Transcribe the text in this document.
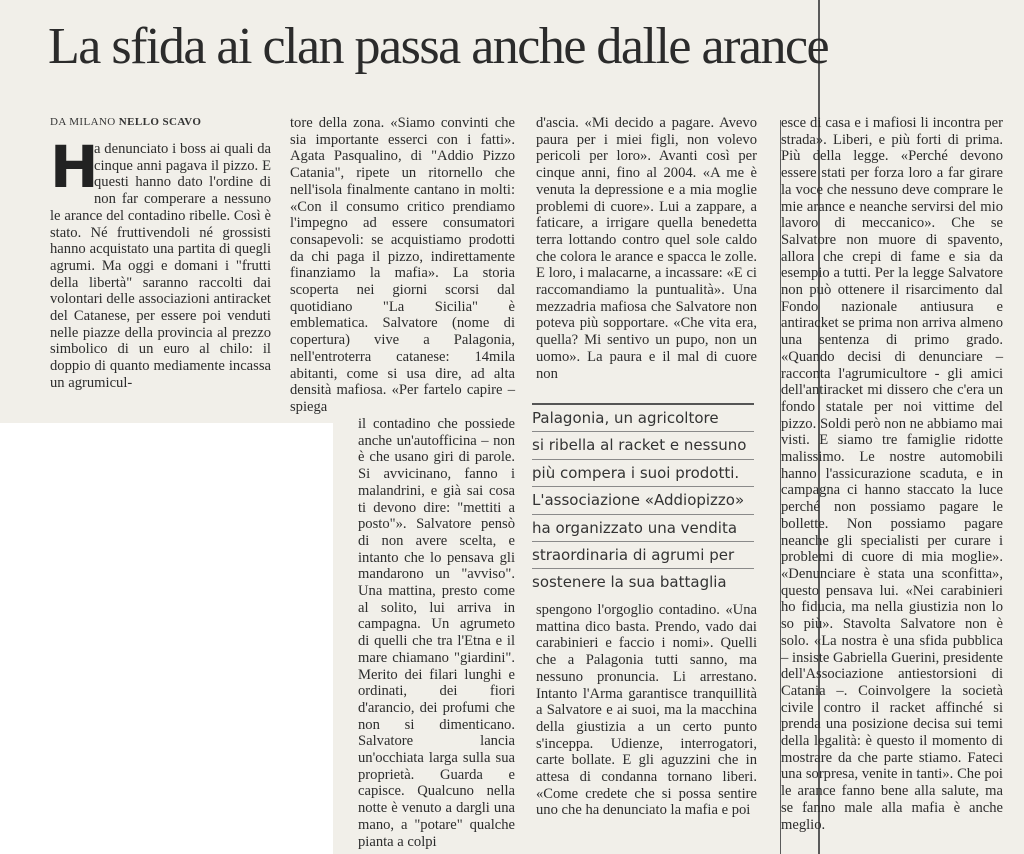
La sfida ai clan passa anche dalle arance
DA MILANO NELLO SCAVO

H
a denunciato i boss ai quali da cinque anni pagava il pizzo. E questi hanno dato l'ordine di non far comperare a nessuno le arance del contadino ribelle. Così è stato. Né fruttivendoli né grossisti hanno acquistato una partita di quegli agrumi. Ma oggi e domani i "frutti della libertà" saranno raccolti dai volontari delle associazioni antiracket del Catanese, per essere poi venduti nelle piazze della provincia al prezzo simbolico di un euro al chilo: il doppio di quanto mediamente incassa un agrumicul-

tore della zona. «Siamo convinti che sia importante esserci con i fatti». Agata Pasqualino, di "Addio Pizzo Catania", ripete un ritornello che nell'isola finalmente cantano in molti: «Con il consumo critico prendiamo l'impegno ad essere consumatori consapevoli: se acquistiamo prodotti da chi paga il pizzo, indirettamente finanziamo la mafia». La storia scoperta nei giorni scorsi dal quotidiano "La Sicilia" è emblematica. Salvatore (nome di copertura) vive a Palagonia, nell'entroterra catanese: 14mila abitanti, come si usa dire, ad alta densità mafiosa. «Per fartelo capire – spiega

il contadino che possiede anche un'autofficina – non è che usano giri di parole. Si avvicinano, fanno i malandrini, e già sai cosa ti devono dire: "mettiti a posto"». Salvatore pensò di non avere scelta, e intanto che lo pensava gli mandarono un "avviso". Una mattina, presto come al solito, lui arriva in campagna. Un agrumeto di quelli che tra l'Etna e il mare chiamano "giardini". Merito dei filari lunghi e ordinati, dei fiori d'arancio, dei profumi che non si dimenticano. Salvatore lancia un'occhiata larga sulla sua proprietà. Guarda e capisce. Qualcuno nella notte è venuto a dargli una mano, a "potare" qualche pianta a colpi

d'ascia. «Mi decido a pagare. Avevo paura per i miei figli, non volevo pericoli per loro». Avanti così per cinque anni, fino al 2004. «A me è venuta la depressione e a mia moglie problemi di cuore». Lui a zappare, a faticare, a irrigare quella benedetta terra lottando contro quel sole caldo che colora le arance e spacca le zolle. E loro, i malacarne, a incassare: «E ci raccomandiamo la puntualità». Una mezzadria mafiosa che Salvatore non poteva più sopportare. «Che vita era, quella? Mi sentivo un pupo, non un uomo». La paura e il mal di cuore non

Palagonia, un agricoltore
si ribella al racket e nessuno
più compera i suoi prodotti.
L'associazione «Addiopizzo»
ha organizzato una vendita
straordinaria di agrumi per
sostenere la sua battaglia

spengono l'orgoglio contadino. «Una mattina dico basta. Prendo, vado dai carabinieri e faccio i nomi». Quelli che a Palagonia tutti sanno, ma nessuno pronuncia. Li arrestano. Intanto l'Arma garantisce tranquillità a Salvatore e ai suoi, ma la macchina della giustizia a un certo punto s'inceppa. Udienze, interrogatori, carte bollate. E gli aguzzini che in attesa di condanna tornano liberi. «Come credete che si possa sentire uno che ha denunciato la mafia e poi

esce di casa e i mafiosi li incontra per strada». Liberi, e più forti di prima. Più della legge. «Perché devono essere stati per forza loro a far girare la voce che nessuno deve comprare le mie arance e neanche servirsi del mio lavoro di meccanico». Che se Salvatore non muore di spavento, allora che crepi di fame e sia da esempio a tutti. Per la legge Salvatore non può ottenere il risarcimento dal Fondo nazionale antiusura e antiracket se prima non arriva almeno una sentenza di primo grado. «Quando decisi di denunciare – racconta l'agrumicultore - gli amici dell'antiracket mi dissero che c'era un fondo statale per noi vittime del pizzo. Soldi però non ne abbiamo mai visti. E siamo tre famiglie ridotte malissimo. Le nostre automobili hanno l'assicurazione scaduta, e in campagna ci hanno staccato la luce perché non possiamo pagare le bollette. Non possiamo pagare neanche gli specialisti per curare i problemi di cuore di mia moglie». «Denunciare è stata una sconfitta», questo pensava lui. «Nei carabinieri ho fiducia, ma nella giustizia non lo so più». Stavolta Salvatore non è solo. «La nostra è una sfida pubblica – insiste Gabriella Guerini, presidente dell'Associazione antiestorsioni di Catania –. Coinvolgere la società civile contro il racket affinché si prenda una posizione decisa sui temi della legalità: è questo il momento di mostrare da che parte stiamo. Fateci una sorpresa, venite in tanti». Che poi le arance fanno bene alla salute, ma se fanno male alla mafia è anche meglio.
